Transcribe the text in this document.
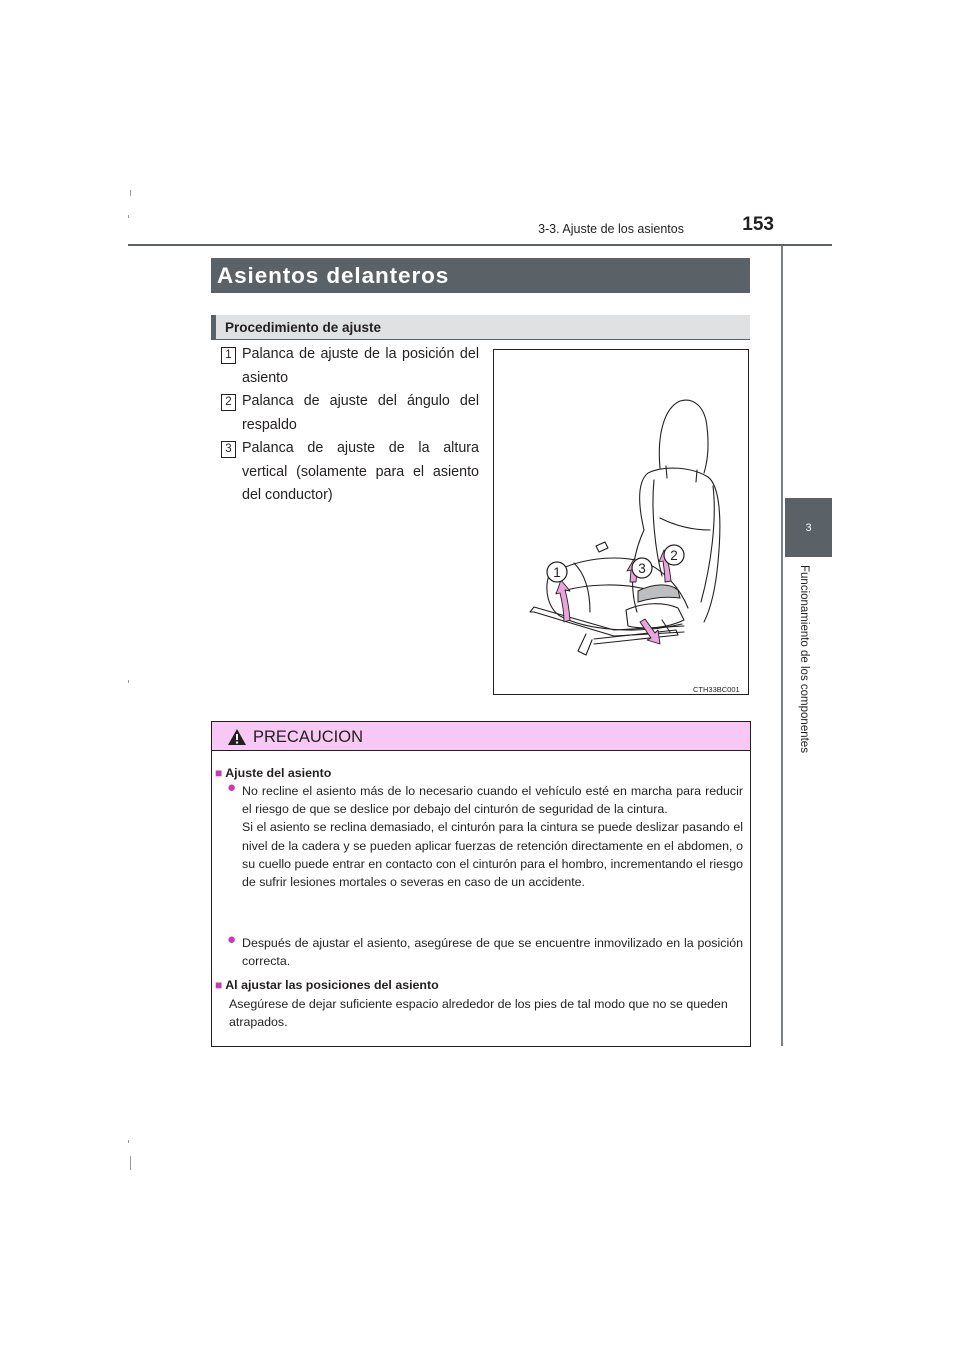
3-3. Ajuste de los asientos	153
3
Funcionamiento de los componentes
Asientos delanteros
Procedimiento de ajuste
1 Palanca de ajuste de la posición del asiento
2 Palanca de ajuste del ángulo del respaldo
3 Palanca de ajuste de la altura vertical (solamente para el asiento del conductor)
1	3
2
CTH33BC001
PRECAUCION
■ Ajuste del asiento
● No recline el asiento más de lo necesario cuando el vehículo esté en marcha para reducir el riesgo de que se deslice por debajo del cinturón de seguridad de la cintura.
Si el asiento se reclina demasiado, el cinturón para la cintura se puede deslizar pasando el nivel de la cadera y se pueden aplicar fuerzas de retención directamente en el abdomen, o su cuello puede entrar en contacto con el cinturón para el hombro, incrementando el riesgo de sufrir lesiones mortales o severas en caso de un accidente.
● Después de ajustar el asiento, asegúrese de que se encuentre inmovilizado en la posición correcta.
■ Al ajustar las posiciones del asiento
Asegúrese de dejar suficiente espacio alrededor de los pies de tal modo que no se queden atrapados.
